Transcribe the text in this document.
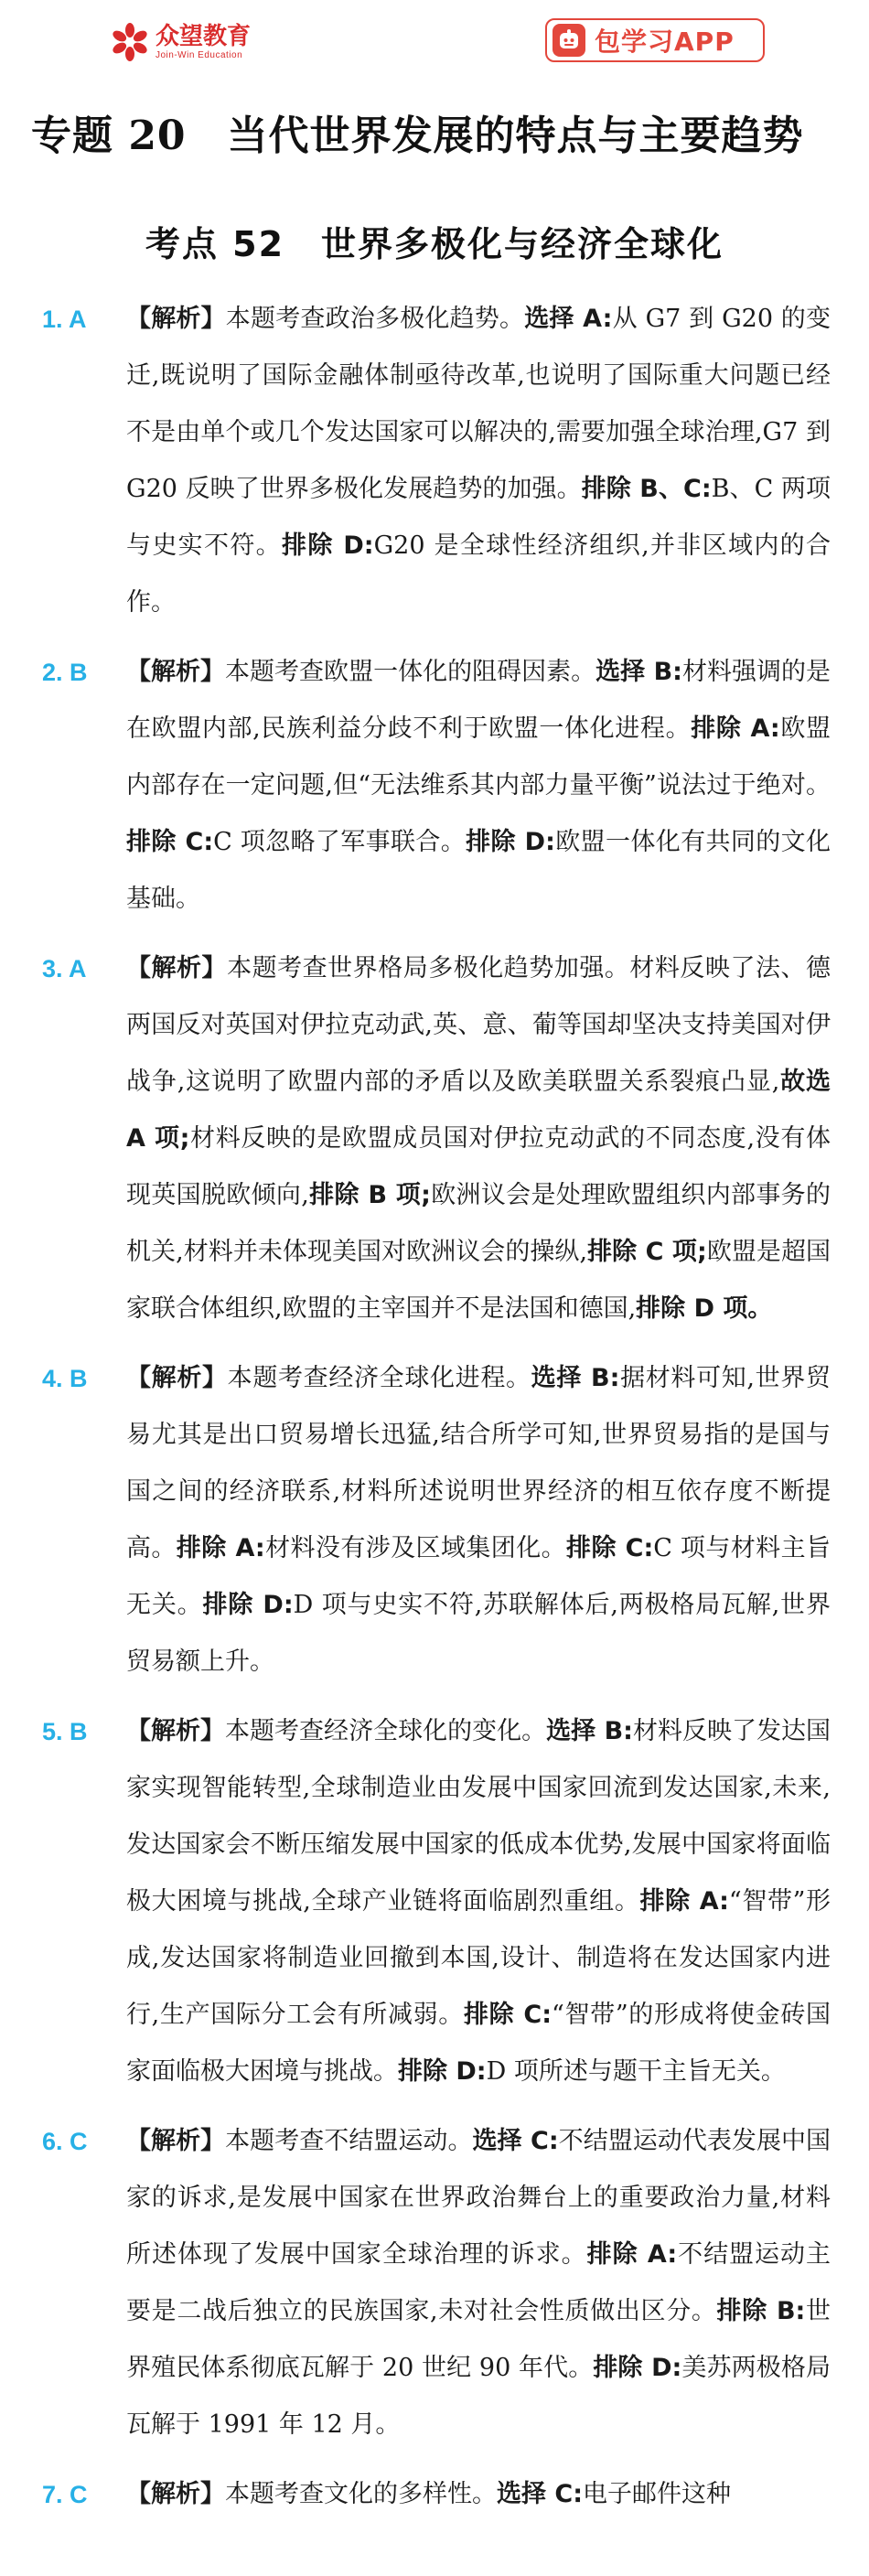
众望教育
Join-Win Education	包学习APP
专题 20　当代世界发展的特点与主要趋势
考点 52　世界多极化与经济全球化
1. A	【解析】本题考查政治多极化趋势。选择 A:从 G7 到 G20 的变迁,既说明了国际金融体制亟待改革,也说明了国际重大问题已经不是由单个或几个发达国家可以解决的,需要加强全球治理,G7 到 G20 反映了世界多极化发展趋势的加强。排除 B、C:B、C 两项与史实不符。排除 D:G20 是全球性经济组织,并非区域内的合作。
2. B	【解析】本题考查欧盟一体化的阻碍因素。选择 B:材料强调的是在欧盟内部,民族利益分歧不利于欧盟一体化进程。排除 A:欧盟内部存在一定问题,但“无法维系其内部力量平衡”说法过于绝对。排除 C:C 项忽略了军事联合。排除 D:欧盟一体化有共同的文化基础。
3. A	【解析】本题考查世界格局多极化趋势加强。材料反映了法、德两国反对英国对伊拉克动武,英、意、葡等国却坚决支持美国对伊战争,这说明了欧盟内部的矛盾以及欧美联盟关系裂痕凸显,故选 A 项;材料反映的是欧盟成员国对伊拉克动武的不同态度,没有体现英国脱欧倾向,排除 B 项;欧洲议会是处理欧盟组织内部事务的机关,材料并未体现美国对欧洲议会的操纵,排除 C 项;欧盟是超国家联合体组织,欧盟的主宰国并不是法国和德国,排除 D 项。
4. B	【解析】本题考查经济全球化进程。选择 B:据材料可知,世界贸易尤其是出口贸易增长迅猛,结合所学可知,世界贸易指的是国与国之间的经济联系,材料所述说明世界经济的相互依存度不断提高。排除 A:材料没有涉及区域集团化。排除 C:C 项与材料主旨无关。排除 D:D 项与史实不符,苏联解体后,两极格局瓦解,世界贸易额上升。
5. B	【解析】本题考查经济全球化的变化。选择 B:材料反映了发达国家实现智能转型,全球制造业由发展中国家回流到发达国家,未来,发达国家会不断压缩发展中国家的低成本优势,发展中国家将面临极大困境与挑战,全球产业链将面临剧烈重组。排除 A:“智带”形成,发达国家将制造业回撤到本国,设计、制造将在发达国家内进行,生产国际分工会有所减弱。排除 C:“智带”的形成将使金砖国家面临极大困境与挑战。排除 D:D 项所述与题干主旨无关。
6. C	【解析】本题考查不结盟运动。选择 C:不结盟运动代表发展中国家的诉求,是发展中国家在世界政治舞台上的重要政治力量,材料所述体现了发展中国家全球治理的诉求。排除 A:不结盟运动主要是二战后独立的民族国家,未对社会性质做出区分。排除 B:世界殖民体系彻底瓦解于 20 世纪 90 年代。排除 D:美苏两极格局瓦解于 1991 年 12 月。
7. C	【解析】本题考查文化的多样性。选择 C:电子邮件这种
